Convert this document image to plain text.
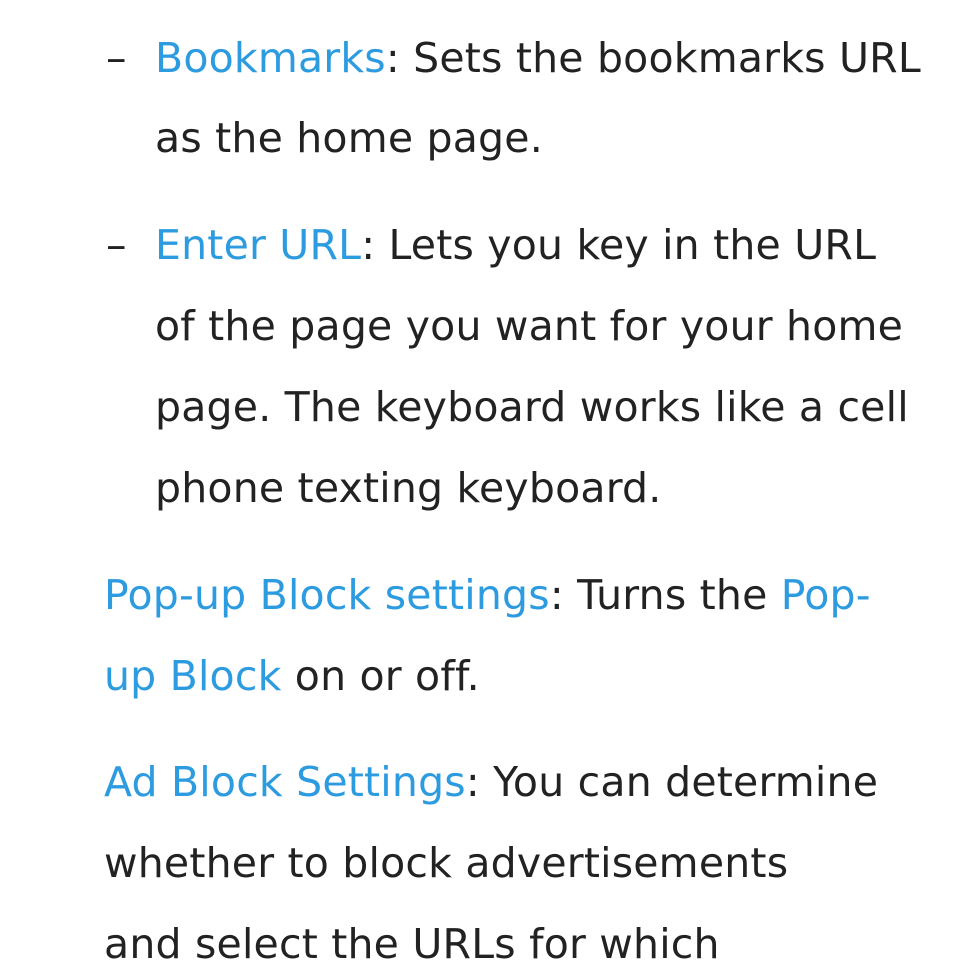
– Bookmarks: Sets the bookmarks URL
as the home page.
– Enter URL: Lets you key in the URL
of the page you want for your home
page. The keyboard works like a cell
phone texting keyboard.
Pop-up Block settings: Turns the Pop-
up Block on or off.
Ad Block Settings: You can determine
whether to block advertisements
and select the URLs for which
